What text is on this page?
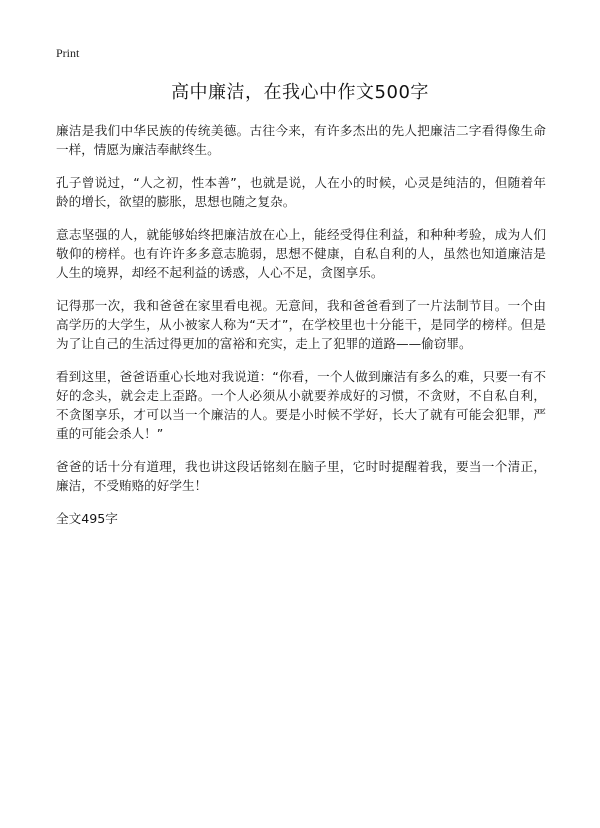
Print
高中廉洁，在我心中作文500字

廉洁是我们中华民族的传统美德。古往今来，有许多杰出的先人把廉洁二字看得像生命一样，情愿为廉洁奉献终生。

孔子曾说过，“人之初，性本善”，也就是说，人在小的时候，心灵是纯洁的，但随着年龄的增长，欲望的膨胀，思想也随之复杂。

意志坚强的人，就能够始终把廉洁放在心上，能经受得住利益，和种种考验，成为人们敬仰的榜样。也有许许多多意志脆弱，思想不健康，自私自利的人，虽然也知道廉洁是人生的境界，却经不起利益的诱惑，人心不足，贪图享乐。

记得那一次，我和爸爸在家里看电视。无意间，我和爸爸看到了一片法制节目。一个由高学历的大学生，从小被家人称为“天才”，在学校里也十分能干，是同学的榜样。但是为了让自己的生活过得更加的富裕和充实，走上了犯罪的道路——偷窃罪。

看到这里，爸爸语重心长地对我说道：“你看，一个人做到廉洁有多么的难，只要一有不好的念头，就会走上歪路。一个人必须从小就要养成好的习惯，不贪财，不自私自利，不贪图享乐，才可以当一个廉洁的人。要是小时候不学好，长大了就有可能会犯罪，严重的可能会杀人！”

爸爸的话十分有道理，我也讲这段话铭刻在脑子里，它时时提醒着我，要当一个清正，廉洁，不受贿赂的好学生！

全文495字
